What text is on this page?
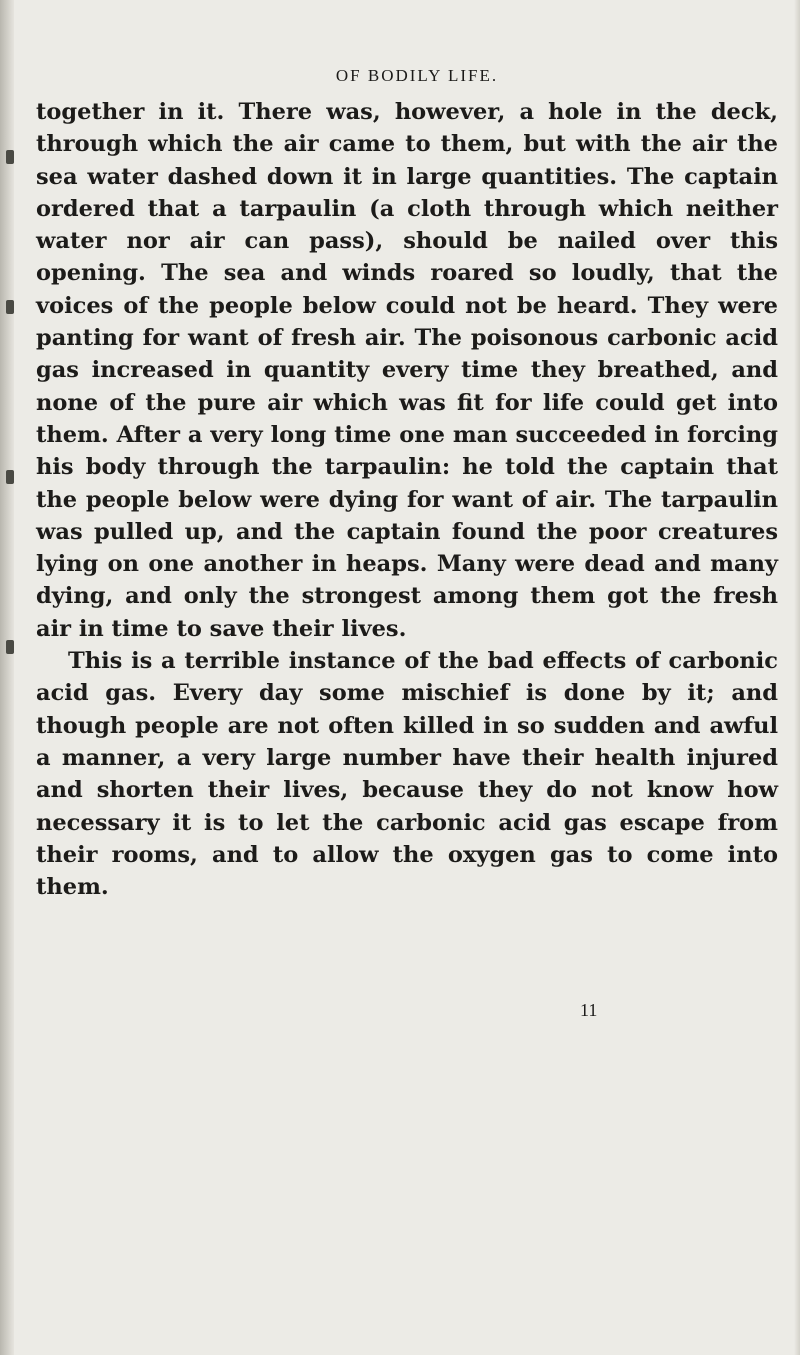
OF BODILY LIFE.

together in it. There was, however, a hole in the deck, through which the air came to them, but with the air the sea water dashed down it in large quantities. The captain ordered that a tarpaulin (a cloth through which neither water nor air can pass), should be nailed over this opening. The sea and winds roared so loudly, that the voices of the people below could not be heard. They were panting for want of fresh air. The poisonous carbonic acid gas increased in quantity every time they breathed, and none of the pure air which was fit for life could get into them. After a very long time one man succeeded in forcing his body through the tarpaulin: he told the captain that the people below were dying for want of air. The tarpaulin was pulled up, and the captain found the poor creatures lying on one another in heaps. Many were dead and many dying, and only the strongest among them got the fresh air in time to save their lives.

This is a terrible instance of the bad effects of carbonic acid gas. Every day some mischief is done by it; and though people are not often killed in so sudden and awful a manner, a very large number have their health injured and shorten their lives, because they do not know how necessary it is to let the carbonic acid gas escape from their rooms, and to allow the oxygen gas to come into them.

11
